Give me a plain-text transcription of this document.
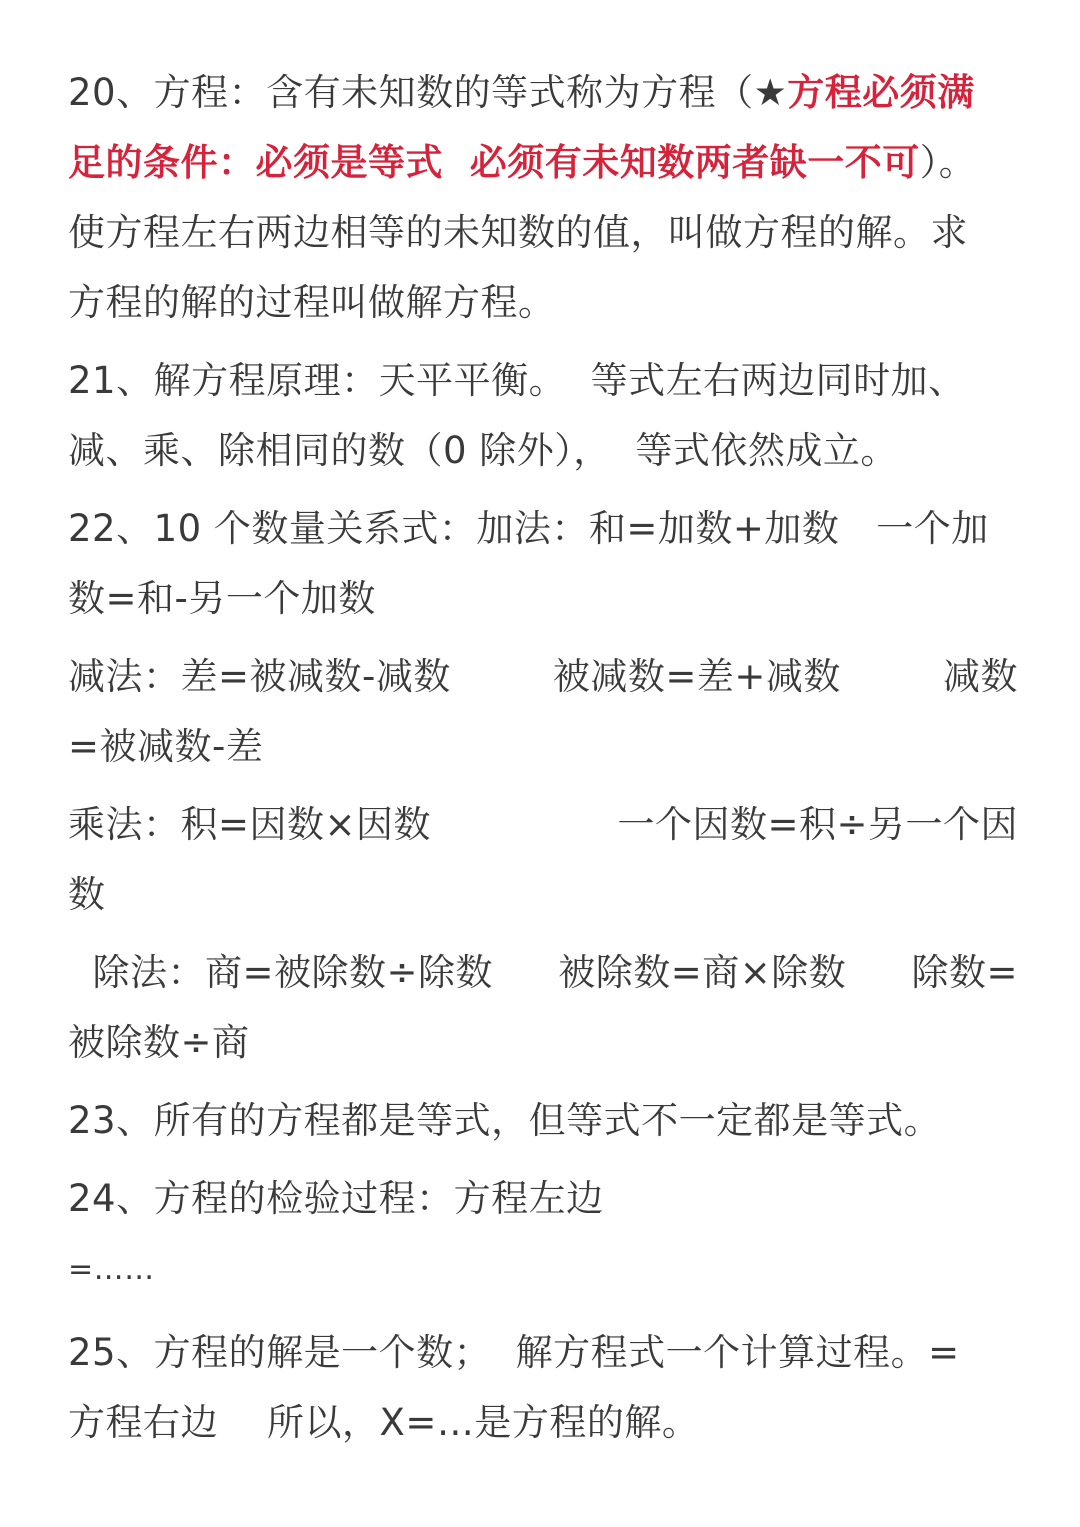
20、方程：含有未知数的等式称为方程（★方程必须满
足的条件：必须是等式  必须有未知数两者缺一不可）。
使方程左右两边相等的未知数的值，叫做方程的解。求
方程的解的过程叫做解方程。
21、解方程原理：天平平衡。  等式左右两边同时加、
减、乘、除相同的数（0 除外），  等式依然成立。
22、10 个数量关系式：加法：和=加数+加数   一个加
数=和-另一个加数
减法：差=被减数-减数	被减数=差+减数	减数
=被减数-差
乘法：积=因数×因数	一个因数=积÷另一个因
数
除法：商=被除数÷除数 被除数=商×除数 除数=
被除数÷商
23、所有的方程都是等式，但等式不一定都是等式。
24、方程的检验过程：方程左边
=……
25、方程的解是一个数；  解方程式一个计算过程。=
方程右边    所以，X=…是方程的解。
